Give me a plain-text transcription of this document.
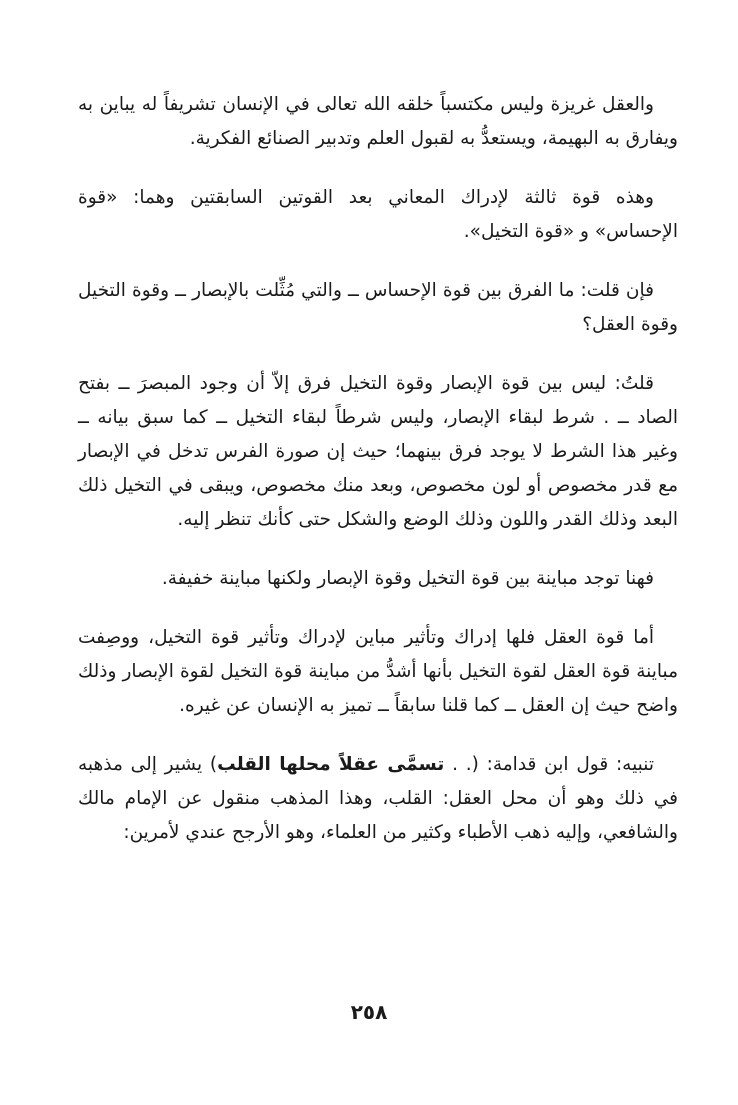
والعقل غريزة وليس مكتسباً خلقه الله تعالى في الإنسان تشريفاً له يباين به ويفارق به البهيمة، ويستعدُّ به لقبول العلم وتدبير الصنائع الفكرية.

وهذه قوة ثالثة لإدراك المعاني بعد القوتين السابقتين وهما: «قوة الإحساس» و «قوة التخيل».

فإن قلت: ما الفرق بين قوة الإحساس ــ والتي مُثِّلت بالإبصار ــ وقوة التخيل وقوة العقل؟

قلتُ: ليس بين قوة الإبصار وقوة التخيل فرق إلاّ أن وجود المبصرَ ــ بفتح الصاد ــ . شرط لبقاء الإبصار، وليس شرطاً لبقاء التخيل ــ كما سبق بيانه ــ وغير هذا الشرط لا يوجد فرق بينهما؛ حيث إن صورة الفرس تدخل في الإبصار مع قدر مخصوص أو لون مخصوص، وبعد منك مخصوص، ويبقى في التخيل ذلك البعد وذلك القدر واللون وذلك الوضع والشكل حتى كأنك تنظر إليه.

فهنا توجد مباينة بين قوة التخيل وقوة الإبصار ولكنها مباينة خفيفة.

أما قوة العقل فلها إدراك وتأثير مباين لإدراك وتأثير قوة التخيل، ووصِفت مباينة قوة العقل لقوة التخيل بأنها أشدُّ من مباينة قوة التخيل لقوة الإبصار وذلك واضح حيث إن العقل ــ كما قلنا سابقاً ــ تميز به الإنسان عن غيره.

تنبيه: قول ابن قدامة: (. . تسمَّى عقلاً محلها القلب) يشير إلى مذهبه في ذلك وهو أن محل العقل: القلب، وهذا المذهب منقول عن الإمام مالك والشافعي، وإليه ذهب الأطباء وكثير من العلماء، وهو الأرجح عندي لأمرين:

٢٥٨
